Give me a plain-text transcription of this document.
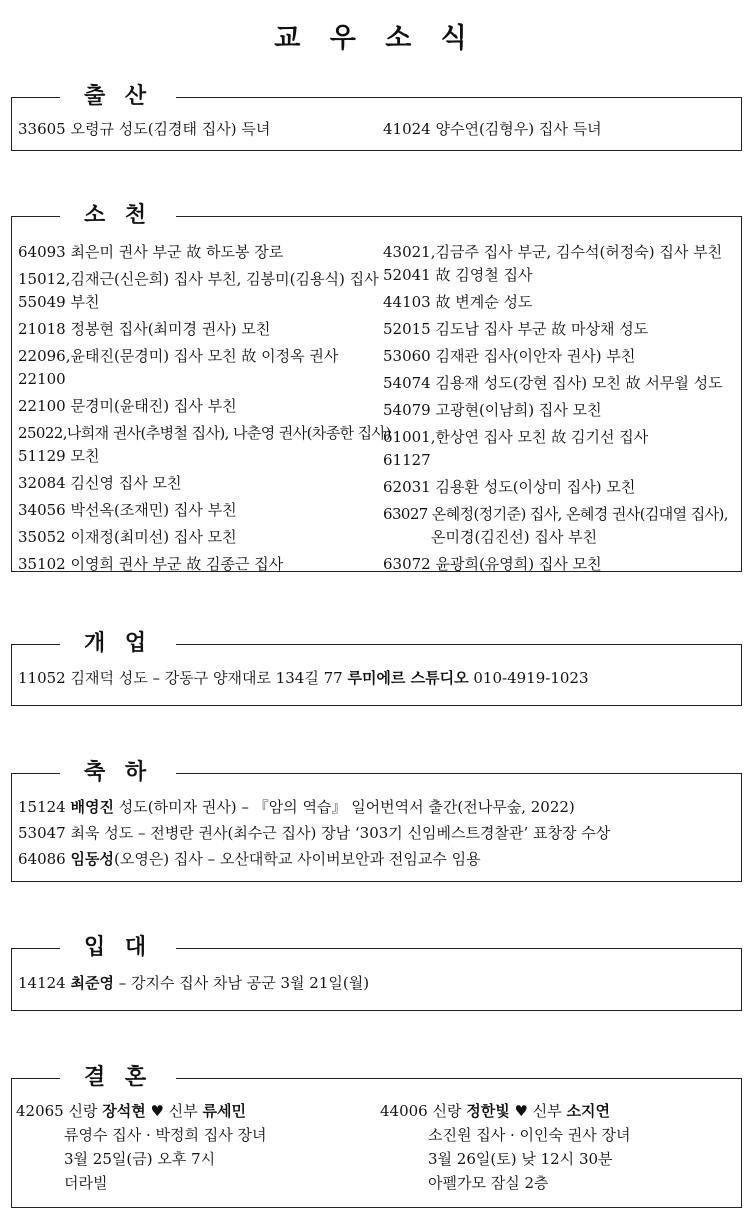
교 우 소 식
출 산
33605 오령규 성도(김경태 집사) 득녀	41024 양수연(김형우) 집사 득녀
소 천
64093 최은미 권사 부군 故 하도봉 장로
15012,김재근(신은희) 집사 부친, 김봉미(김용식) 집사
55049 부친
21018 정봉현 집사(최미경 권사) 모친
22096,윤태진(문경미) 집사 모친 故 이정옥 권사
22100
22100 문경미(윤태진) 집사 부친
25022,나희재 권사(추병철 집사), 나춘영 권사(차종한 집사)
51129 모친
32084 김신영 집사 모친
34056 박선옥(조재민) 집사 부친
35052 이재정(최미선) 집사 모친
35102 이영희 권사 부군 故 김종근 집사
43021,김금주 집사 부군, 김수석(허정숙) 집사 부친
52041 故 김영철 집사
44103 故 변계순 성도
52015 김도남 집사 부군 故 마상채 성도
53060 김재관 집사(이안자 권사) 부친
54074 김용재 성도(강현 집사) 모친 故 서무월 성도
54079 고광현(이남희) 집사 모친
61001,한상연 집사 모친 故 김기선 집사
61127
62031 김용환 성도(이상미 집사) 모친
63027 온혜정(정기준) 집사, 온혜경 권사(김대열 집사),
온미경(김진선) 집사 부친
63072 윤광희(유영희) 집사 모친
개 업
11052 김재덕 성도 – 강동구 양재대로 134길 77 루미에르 스튜디오 010-4919-1023
축 하
15124 배영진 성도(하미자 권사) – 『암의 역습』 일어번역서 출간(전나무숲, 2022)
53047 최욱 성도 – 전병란 권사(최수근 집사) 장남 ‘303기 신임베스트경찰관’ 표창장 수상
64086 임동성(오영은) 집사 – 오산대학교 사이버보안과 전임교수 임용
입 대
14124 최준영 – 강지수 집사 차남 공군 3월 21일(월)
결 혼
42065 신랑 장석현 ♥ 신부 류세민
류영수 집사 · 박정희 집사 장녀
3월 25일(금) 오후 7시
더라빌
44006 신랑 정한빛 ♥ 신부 소지연
소진원 집사 · 이인숙 권사 장녀
3월 26일(토) 낮 12시 30분
아펠가모 잠실 2층
